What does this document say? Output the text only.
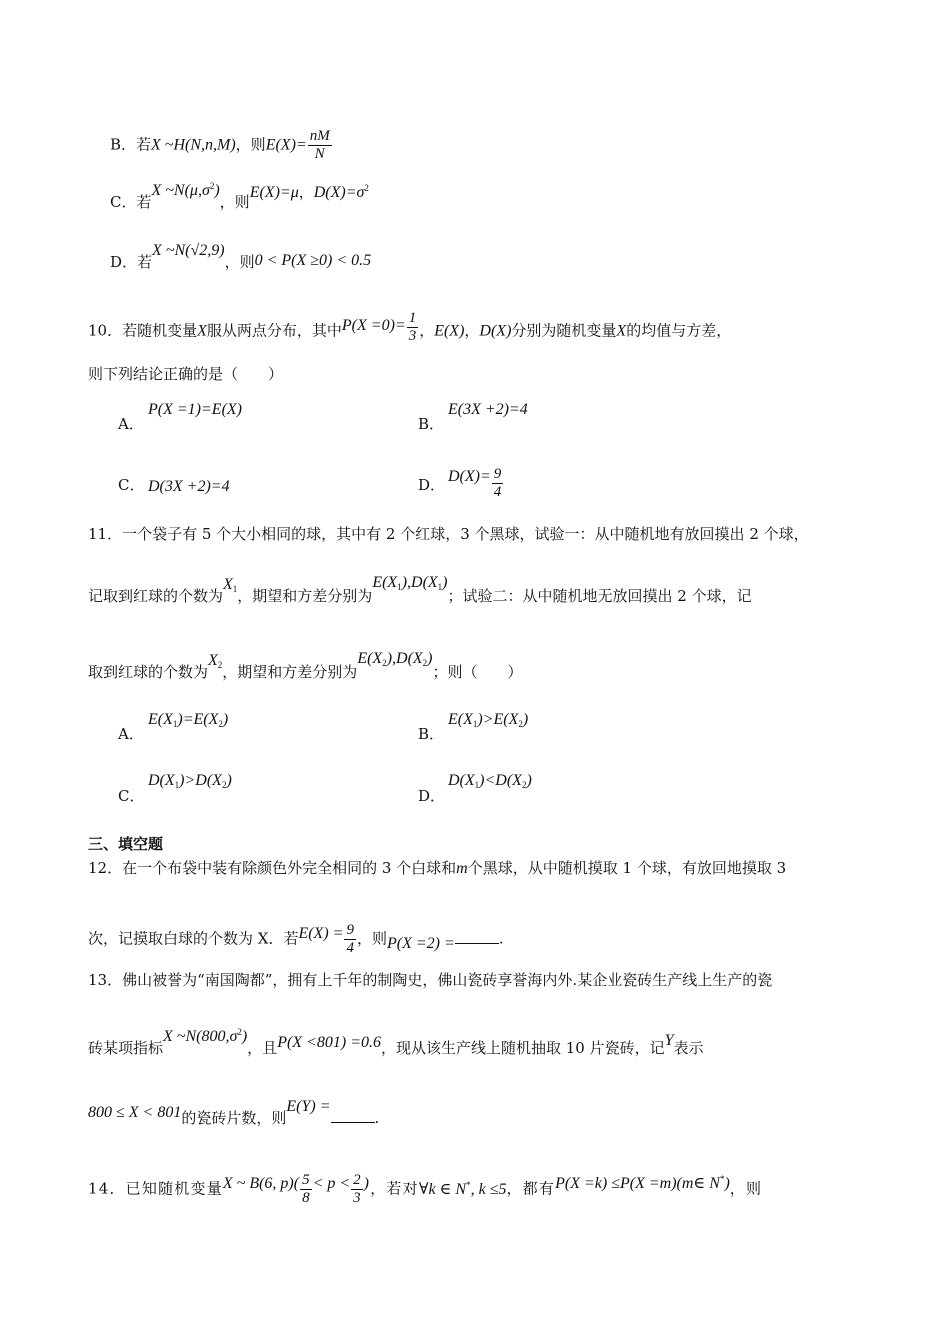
B．若X ~H(N,n,M)，则$E(X)= \frac{nM}{N}$
C．若X $\sim N(\mu,\sigma^2)$，则E(X)=μ，$D(X)=\sigma^2$
D．若X ~N(√2,9)，则0 < P(X ≥0) < 0.5
10．若随机变量X服从两点分布，其中$P(X =0)= \frac{1}{3}$ ，E(X)，D(X)分别为随机变量X的均值与方差，
则下列结论正确的是（　　）
A．
P(X =1)=E(X)
B．
E(3X +2)=4
C． D(3X +2)=4	D． $D(X)= \frac{9}{4}$
11．一个袋子有 5 个大小相同的球，其中有 2 个红球，3 个黑球，试验一：从中随机地有放回摸出 2 个球，
记取到红球的个数为$X_1$，期望和方差分别为$E(X_1),D(X_1)$；试验二：从中随机地无放回摸出 2 个球，记
取到红球的个数为$X_2$，期望和方差分别为$E(X_2),D(X_2)$；则（　　）
A．
$E(X_1)=E(X_2)$
B．
$E(X_1)>E(X_2)$
C．
$D(X_1)>D(X_2)$
D．
$D(X_1)<D(X_2)$
三、填空题
12．在一个布袋中装有除颜色外完全相同的 3 个白球和m个黑球，从中随机摸取 1 个球，有放回地摸取 3
次，记摸取白球的个数为 X．若$E(X) = \frac{9}{4}$ ，则P(X =2) =	.
13．佛山被誉为“南国陶都”，拥有上千年的制陶史，佛山瓷砖享誉海内外.某企业瓷砖生产线上生产的瓷
砖某项指标X $\sim N(800,\sigma^2)$，且P(X <801) =0.6，现从该生产线上随机抽取 10 片瓷砖，记Y表示
800 ≤ X < 801的瓷砖片数，则E(Y) =.
14．已知随机变量X ~ B(6, $p)( \frac{5}{8} < p < \frac{2}{3}$ )，若对∀k ∈ N*, k ≤5，都有P(X =k) ≤P(X =m)(m∈ N*)，则
